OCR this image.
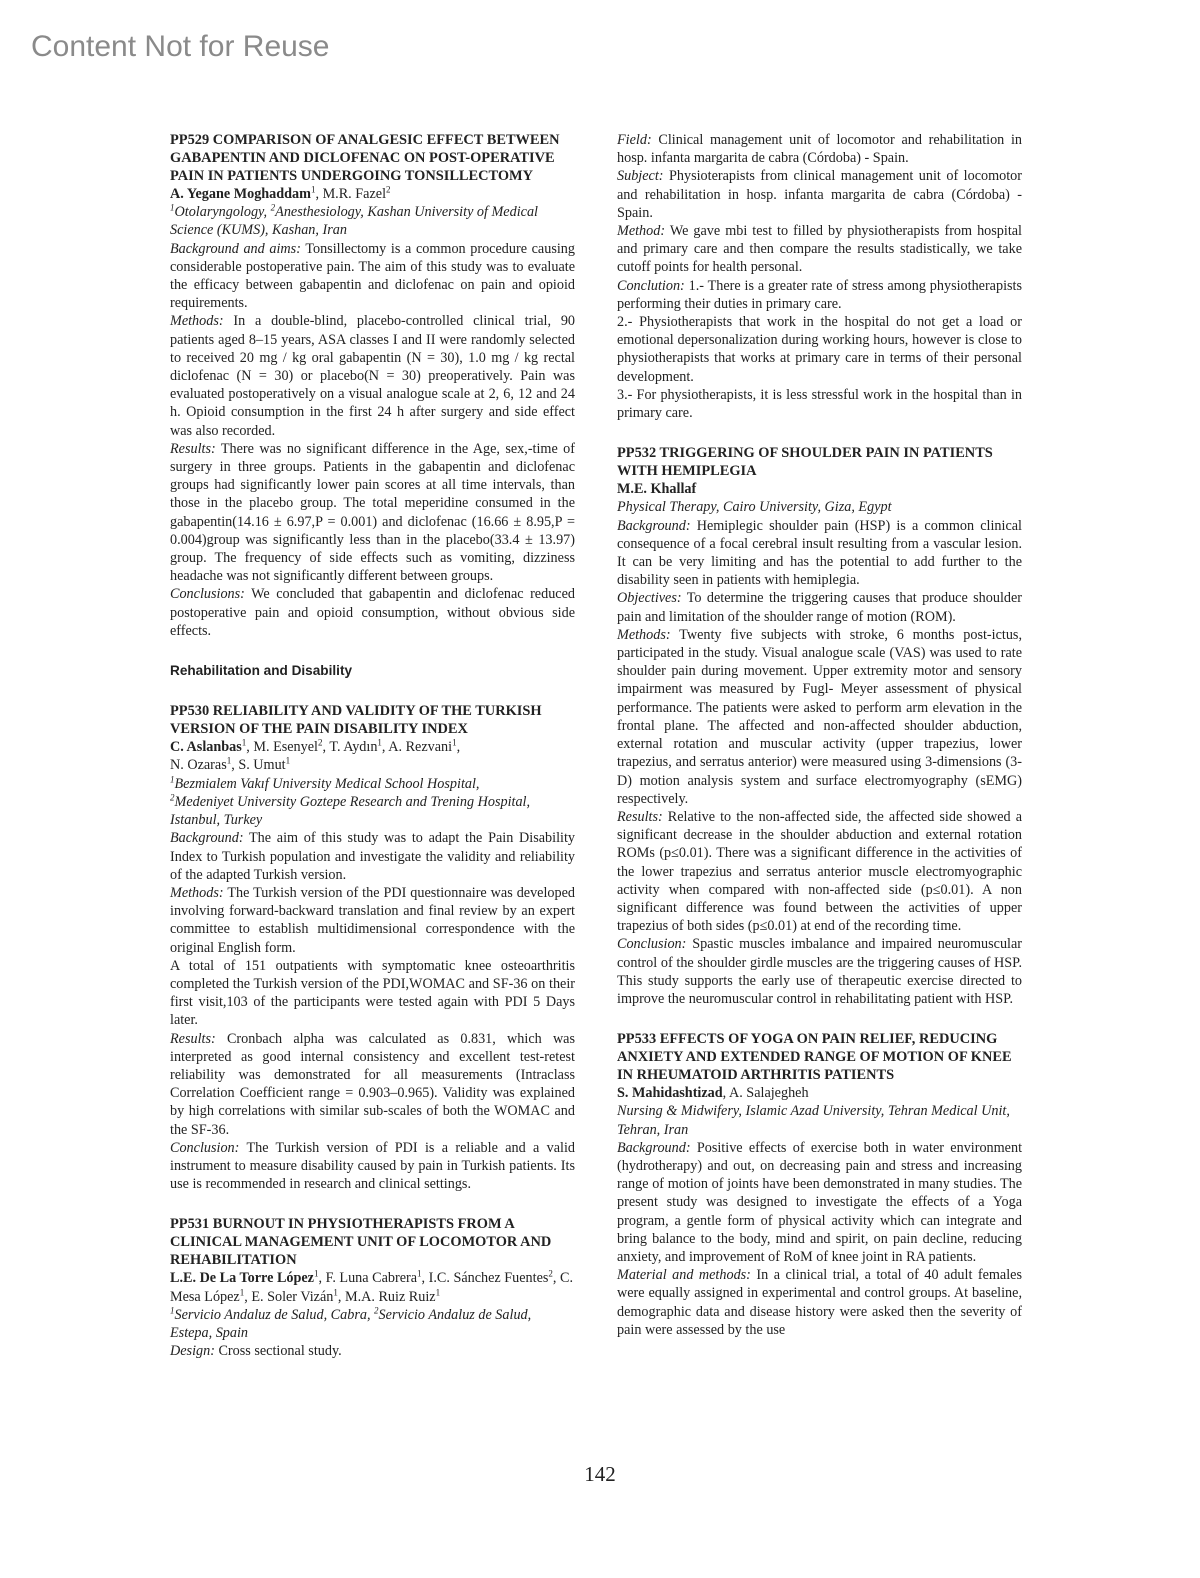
Content Not for Reuse

PP529 COMPARISON OF ANALGESIC EFFECT BETWEEN GABAPENTIN AND DICLOFENAC ON POST-OPERATIVE PAIN IN PATIENTS UNDERGOING TONSILLECTOMY

A. Yegane Moghaddam$^1$, M.R. Fazel$^2$

$^1$Otolaryngology, $^2$Anesthesiology, Kashan University of Medical Science (KUMS), Kashan, Iran

Background and aims: Tonsillectomy is a common procedure causing considerable postoperative pain. The aim of this study was to evaluate the efficacy between gabapentin and diclofenac on pain and opioid requirements.

Methods: In a double-blind, placebo-controlled clinical trial, 90 patients aged 8–15 years, ASA classes I and II were randomly selected to received 20 mg / kg oral gabapentin (N = 30), 1.0 mg / kg rectal diclofenac (N = 30) or placebo(N = 30) preoperatively. Pain was evaluated postoperatively on a visual analogue scale at 2, 6, 12 and 24 h. Opioid consumption in the first 24 h after surgery and side effect was also recorded.

Results: There was no significant difference in the Age, sex,-time of surgery in three groups. Patients in the gabapentin and diclofenac groups had significantly lower pain scores at all time intervals, than those in the placebo group. The total meperidine consumed in the gabapentin(14.16 ± 6.97,P = 0.001) and diclofenac (16.66 ± 8.95,P = 0.004)group was significantly less than in the placebo(33.4 ± 13.97) group. The frequency of side effects such as vomiting, dizziness headache was not significantly different between groups.

Conclusions: We concluded that gabapentin and diclofenac reduced postoperative pain and opioid consumption, without obvious side effects.

Rehabilitation and Disability

PP530 RELIABILITY AND VALIDITY OF THE TURKISH VERSION OF THE PAIN DISABILITY INDEX

C. Aslanbas$^1$, M. Esenyel$^2$, T. Aydın$^1$, A. Rezvani$^1$,
N. Ozaras$^1$, S. Umut$^1$

$^1$Bezmialem Vakıf University Medical School Hospital,
$^2$Medeniyet University Goztepe Research and Trening Hospital, Istanbul, Turkey

Background: The aim of this study was to adapt the Pain Disability Index to Turkish population and investigate the validity and reliability of the adapted Turkish version.

Methods: The Turkish version of the PDI questionnaire was developed involving forward-backward translation and final review by an expert committee to establish multidimensional correspondence with the original English form.

A total of 151 outpatients with symptomatic knee osteoarthritis completed the Turkish version of the PDI,WOMAC and SF-36 on their first visit,103 of the participants were tested again with PDI 5 Days later.

Results: Cronbach alpha was calculated as 0.831, which was interpreted as good internal consistency and excellent test-retest reliability was demonstrated for all measurements (Intraclass Correlation Coefficient range = 0.903–0.965). Validity was explained by high correlations with similar sub-scales of both the WOMAC and the SF-36.

Conclusion: The Turkish version of PDI is a reliable and a valid instrument to measure disability caused by pain in Turkish patients. Its use is recommended in research and clinical settings.

PP531 BURNOUT IN PHYSIOTHERAPISTS FROM A CLINICAL MANAGEMENT UNIT OF LOCOMOTOR AND REHABILITATION

L.E. De La Torre López$^1$, F. Luna Cabrera$^1$, I.C. Sánchez Fuentes$^2$, C. Mesa López$^1$, E. Soler Vizán$^1$, M.A. Ruiz Ruiz$^1$

$^1$Servicio Andaluz de Salud, Cabra, $^2$Servicio Andaluz de Salud, Estepa, Spain

Design: Cross sectional study.

Field: Clinical management unit of locomotor and rehabilitation in hosp. infanta margarita de cabra (Córdoba) - Spain.

Subject: Physioterapists from clinical management unit of locomotor and rehabilitation in hosp. infanta margarita de cabra (Córdoba) - Spain.

Method: We gave mbi test to filled by physiotherapists from hospital and primary care and then compare the results stadistically, we take cutoff points for health personal.

Conclution: 1.- There is a greater rate of stress among physiotherapists performing their duties in primary care.

2.- Physiotherapists that work in the hospital do not get a load or emotional depersonalization during working hours, however is close to physiotherapists that works at primary care in terms of their personal development.

3.- For physiotherapists, it is less stressful work in the hospital than in primary care.

PP532 TRIGGERING OF SHOULDER PAIN IN PATIENTS WITH HEMIPLEGIA

M.E. Khallaf

Physical Therapy, Cairo University, Giza, Egypt

Background: Hemiplegic shoulder pain (HSP) is a common clinical consequence of a focal cerebral insult resulting from a vascular lesion. It can be very limiting and has the potential to add further to the disability seen in patients with hemiplegia.

Objectives: To determine the triggering causes that produce shoulder pain and limitation of the shoulder range of motion (ROM).

Methods: Twenty five subjects with stroke, 6 months post-ictus, participated in the study. Visual analogue scale (VAS) was used to rate shoulder pain during movement. Upper extremity motor and sensory impairment was measured by Fugl- Meyer assessment of physical performance. The patients were asked to perform arm elevation in the frontal plane. The affected and non-affected shoulder abduction, external rotation and muscular activity (upper trapezius, lower trapezius, and serratus anterior) were measured using 3-dimensions (3-D) motion analysis system and surface electromyography (sEMG) respectively.

Results: Relative to the non-affected side, the affected side showed a significant decrease in the shoulder abduction and external rotation ROMs (p≤0.01). There was a significant difference in the activities of the lower trapezius and serratus anterior muscle electromyographic activity when compared with non-affected side (p≤0.01). A non significant difference was found between the activities of upper trapezius of both sides (p≤0.01) at end of the recording time.

Conclusion: Spastic muscles imbalance and impaired neuromuscular control of the shoulder girdle muscles are the triggering causes of HSP. This study supports the early use of therapeutic exercise directed to improve the neuromuscular control in rehabilitating patient with HSP.

PP533 EFFECTS OF YOGA ON PAIN RELIEF, REDUCING ANXIETY AND EXTENDED RANGE OF MOTION OF KNEE IN RHEUMATOID ARTHRITIS PATIENTS

S. Mahidashtizad, A. Salajegheh

Nursing & Midwifery, Islamic Azad University, Tehran Medical Unit, Tehran, Iran

Background: Positive effects of exercise both in water environment (hydrotherapy) and out, on decreasing pain and stress and increasing range of motion of joints have been demonstrated in many studies. The present study was designed to investigate the effects of a Yoga program, a gentle form of physical activity which can integrate and bring balance to the body, mind and spirit, on pain decline, reducing anxiety, and improvement of RoM of knee joint in RA patients.

Material and methods: In a clinical trial, a total of 40 adult females were equally assigned in experimental and control groups. At baseline, demographic data and disease history were asked then the severity of pain were assessed by the use

142
